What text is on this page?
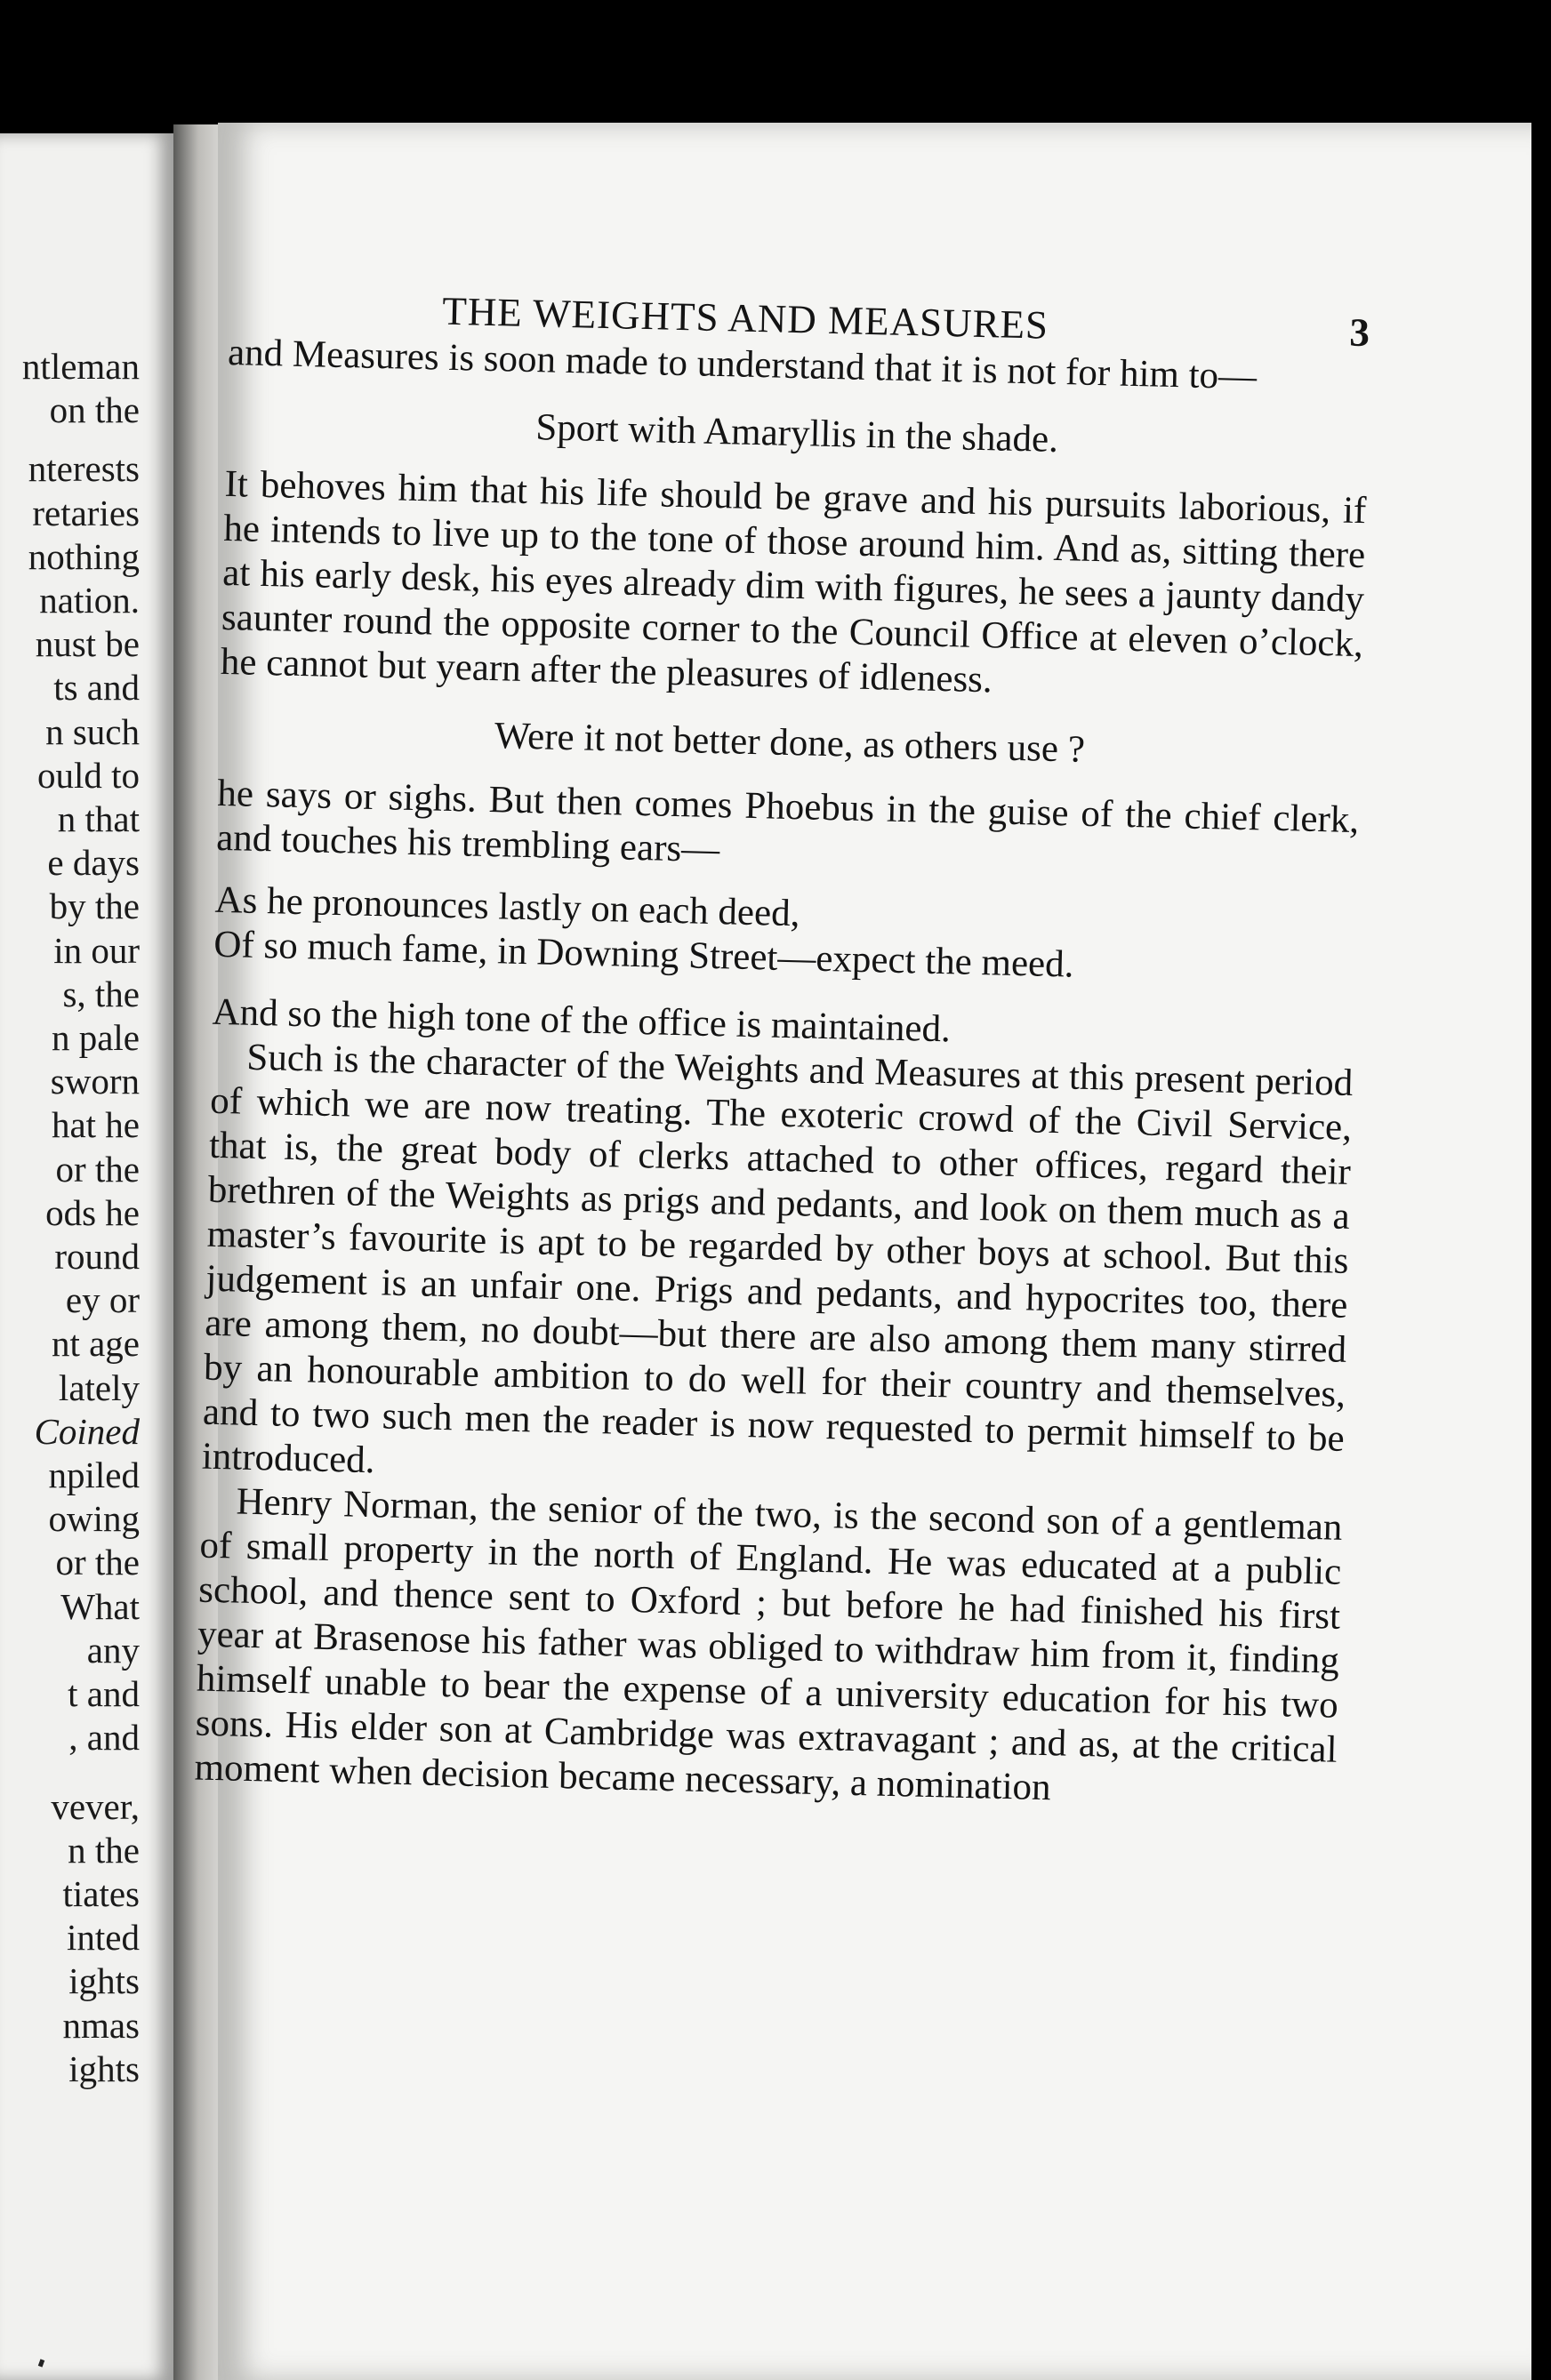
ntleman
on the
nterests
retaries
nothing
nation.
nust be
ts and
n such
ould to
n that
e days
by the
in our
s, the
n pale
sworn
hat he
or the
ods he
round
ey or
nt age
lately
Coined
npiled
owing
or the
What
any
t and
, and
vever,
n the
tiates
inted
ights
nmas
ights
THE WEIGHTS AND MEASURES	3

and Measures is soon made to understand that it is not for him to—

Sport with Amaryllis in the shade.

It behoves him that his life should be grave and his pursuits laborious, if he intends to live up to the tone of those around him. And as, sitting there at his early desk, his eyes already dim with figures, he sees a jaunty dandy saunter round the opposite corner to the Council Office at eleven o’clock, he cannot but yearn after the pleasures of idleness.

Were it not better done, as others use ?

he says or sighs. But then comes Phoebus in the guise of the chief clerk, and touches his trembling ears—

As he pronounces lastly on each deed,
Of so much fame, in Downing Street—expect the meed.

And so the high tone of the office is maintained.

Such is the character of the Weights and Measures at this present period of which we are now treating. The exoteric crowd of the Civil Service, that is, the great body of clerks attached to other offices, regard their brethren of the Weights as prigs and pedants, and look on them much as a master’s favourite is apt to be regarded by other boys at school. But this judgement is an unfair one. Prigs and pedants, and hypocrites too, there are among them, no doubt—but there are also among them many stirred by an honourable ambition to do well for their country and themselves, and to two such men the reader is now requested to permit himself to be introduced.

Henry Norman, the senior of the two, is the second son of a gentleman of small property in the north of England. He was educated at a public school, and thence sent to Oxford ; but before he had finished his first year at Brasenose his father was obliged to withdraw him from it, finding himself unable to bear the expense of a university education for his two sons. His elder son at Cambridge was extravagant ; and as, at the critical moment when decision became necessary, a nomination
